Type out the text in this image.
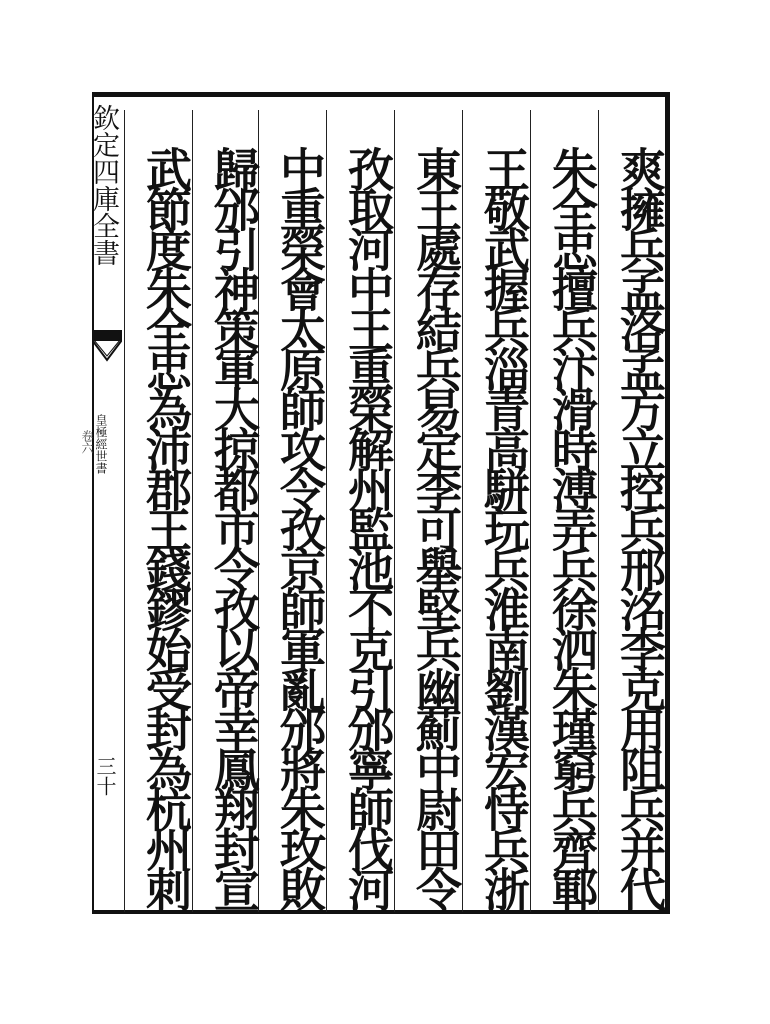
欽定四庫全書
皇極經世書
卷六
三十	爽擁兵孟洛孟方立控兵邢洺李克用阻兵并代
朱全忠擅兵汴滑時溥弄兵徐泗朱瑾窮兵齊鄆
王敬武握兵淄青高駢玩兵淮南劉漢宏恃兵浙
東王處存結兵易定李可舉堅兵幽薊中尉田令
孜取河中王重榮解州監池不克引邠寧師伐河
中重榮會太原師攻令孜京師軍亂邠將朱玫敗
歸邠引神策軍大掠都市令孜以帝幸鳳翔封宣
武節度朱全忠為沛郡王錢鏐始受封為杭州刺
